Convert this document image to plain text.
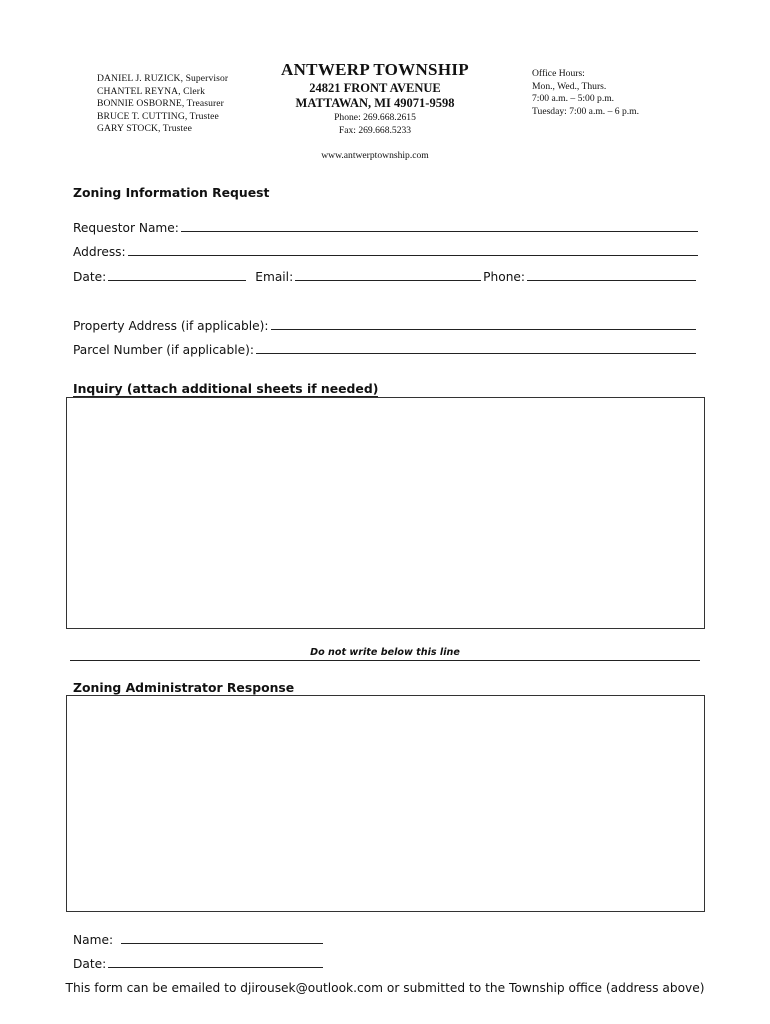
DANIEL J. RUZICK, Supervisor
CHANTEL REYNA, Clerk
BONNIE OSBORNE, Treasurer
BRUCE T. CUTTING, Trustee
GARY STOCK, Trustee
ANTWERP TOWNSHIP
24821 FRONT AVENUE
MATTAWAN, MI 49071-9598
Phone: 269.668.2615
Fax: 269.668.5233
www.antwerptownship.com
Office Hours:
Mon., Wed., Thurs.
7:00 a.m. – 5:00 p.m.
Tuesday: 7:00 a.m. – 6 p.m.
Zoning Information Request
Requestor Name:
Address:
Date:	Email:	Phone:
Property Address (if applicable):
Parcel Number (if applicable):
Inquiry (attach additional sheets if needed)
Do not write below this line
Zoning Administrator Response
Name:
Date:
This form can be emailed to djirousek@outlook.com or submitted to the Township office (address above)
